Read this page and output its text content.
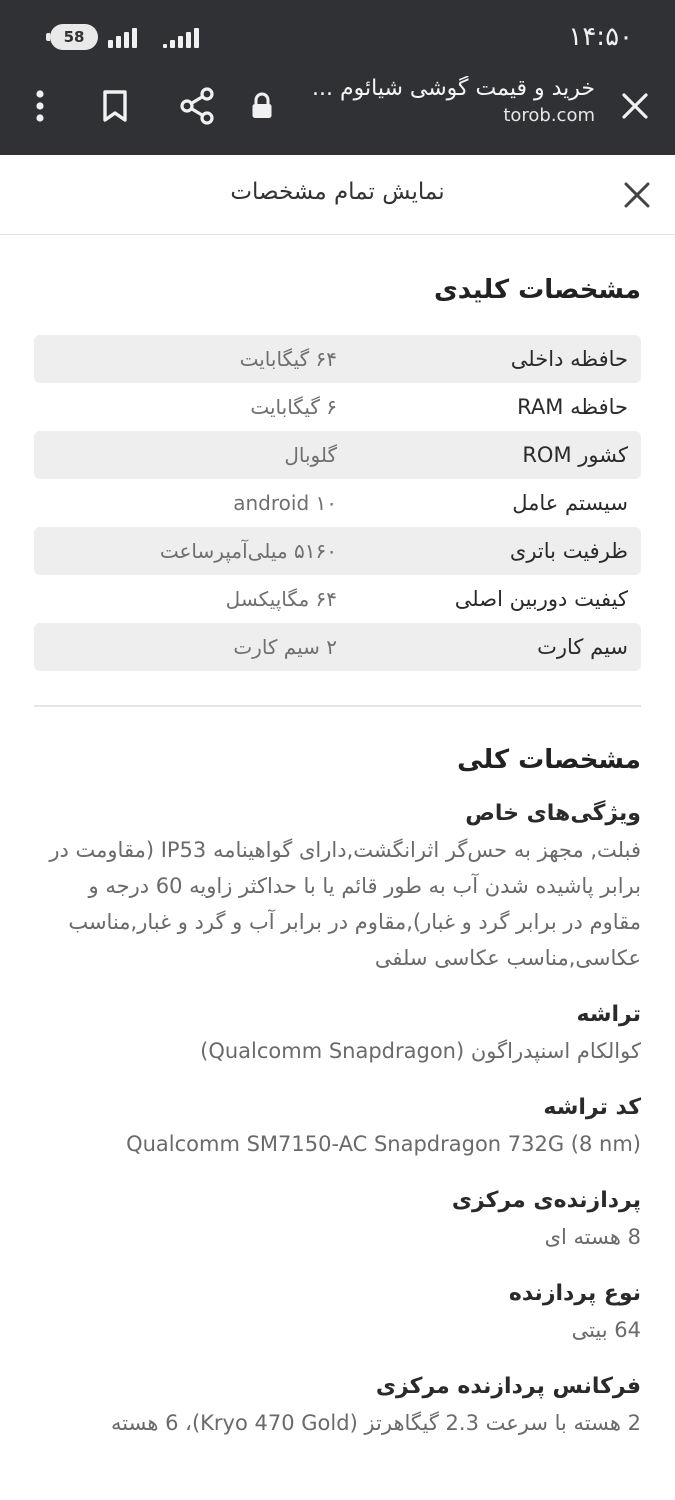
58	۱۴:۵۰
خرید و قیمت گوشی شیائوم ...
torob.com
نمایش تمام مشخصات
مشخصات کلیدی
حافظه داخلی
۶۴ گیگابایت
حافظه RAM
۶ گیگابایت
کشور ROM
گلوبال
سیستم عامل
android ۱۰
ظرفیت باتری
۵۱۶۰ میلی‌آمپرساعت
کیفیت دوربین اصلی
۶۴ مگاپیکسل
سیم کارت
۲ سیم کارت
مشخصات کلی
ویژگی‌های خاص
فبلت, مجهز به حس‌گر اثرانگشت,دارای گواهینامه IP53 (مقاومت در برابر پاشیده شدن آب به طور قائم یا با حداکثر زاویه 60 درجه و مقاوم در برابر گرد و غبار),مقاوم در برابر آب و گرد و غبار,مناسب عکاسی,مناسب عکاسی سلفی
تراشه
کوالکام اسنپدراگون (Qualcomm Snapdragon)
کد تراشه
Qualcomm SM7150-AC Snapdragon 732G (8 nm)
پردازنده‌ی مرکزی
8 هسته ای
نوع پردازنده
64 بیتی
فرکانس پردازنده مرکزی
2 هسته با سرعت 2.3 گیگاهرتز (Kryo 470 Gold)، 6 هسته
